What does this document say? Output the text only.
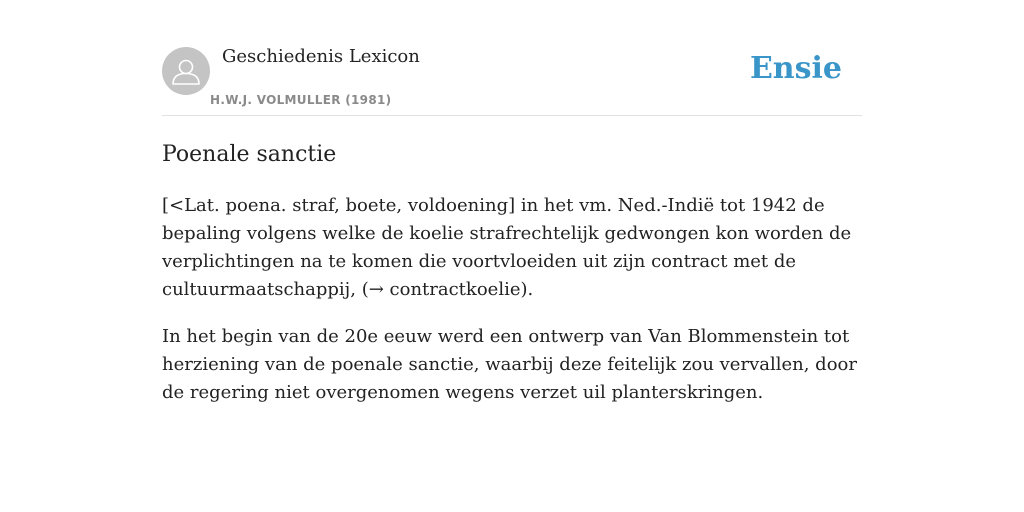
Geschiedenis Lexicon
H.W.J. VOLMULLER (1981)
Ensie
Poenale sanctie

[<Lat. poena. straf, boete, voldoening] in het vm. Ned.-Indië tot 1942 de bepaling volgens welke de koelie strafrechtelijk gedwongen kon worden de verplichtingen na te komen die voortvloeiden uit zijn contract met de cultuurmaatschappij, (→ contractkoelie).

In het begin van de 20e eeuw werd een ontwerp van Van Blommenstein tot herziening van de poenale sanctie, waarbij deze feitelijk zou vervallen, door de regering niet overgenomen wegens verzet uil planterskringen.
